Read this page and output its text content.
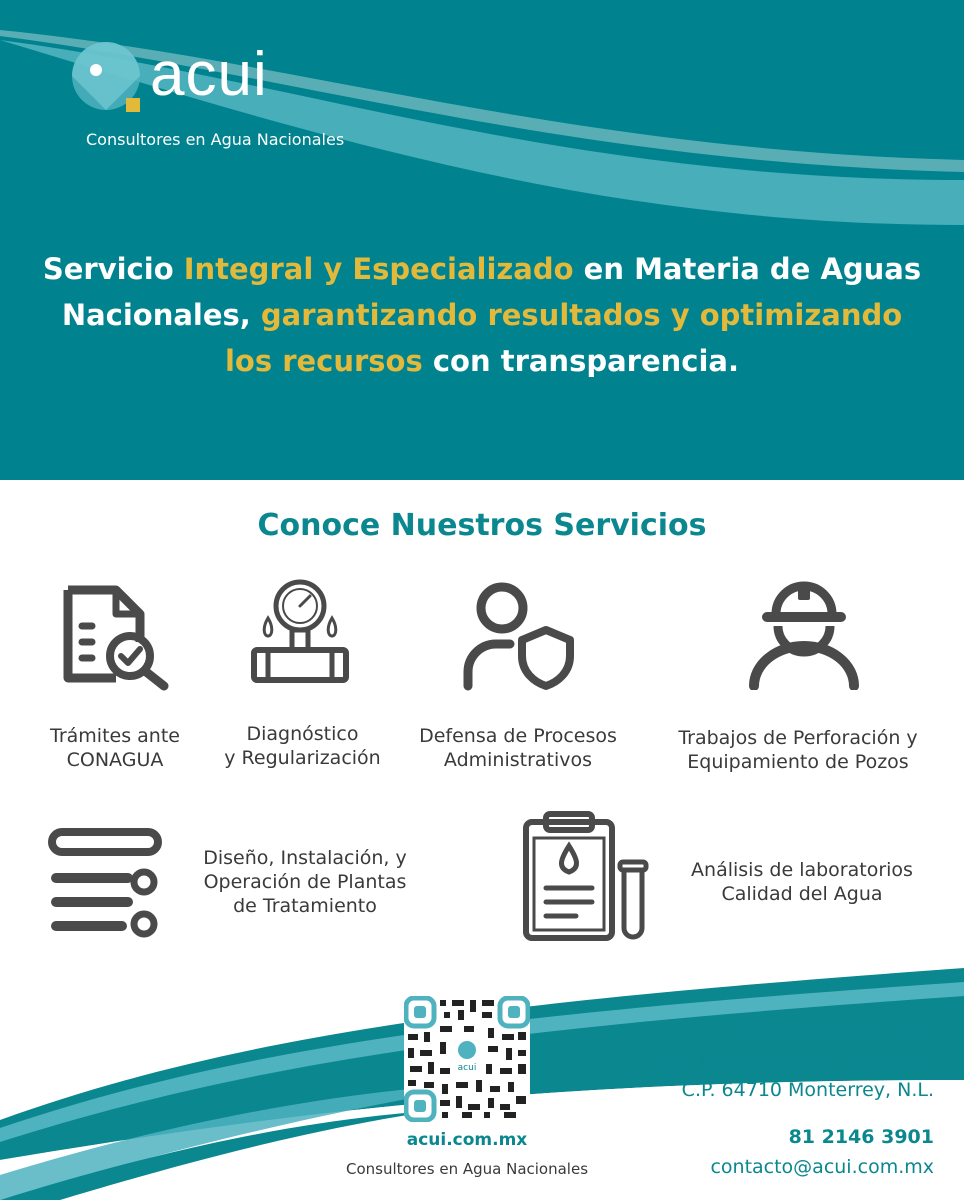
acui
Consultores en Agua Nacionales
Servicio Integral y Especializado en Materia de Aguas Nacionales, garantizando resultados y optimizando los recursos con transparencia.
Conoce Nuestros Servicios
Trámites ante
CONAGUA
Diagnóstico
y Regularización
Defensa de Procesos
Administrativos
Trabajos de Perforación y
Equipamiento de Pozos
Diseño, Instalación, y
Operación de Plantas
de Tratamiento
Análisis de laboratorios
Calidad del Agua
acui
acui.com.mx
Consultores en Agua Nacionales
Loma Redonda 2708,
Col. Lomas de San Francisco,
C.P. 64710 Monterrey, N.L.
81 2146 3901
contacto@acui.com.mx
